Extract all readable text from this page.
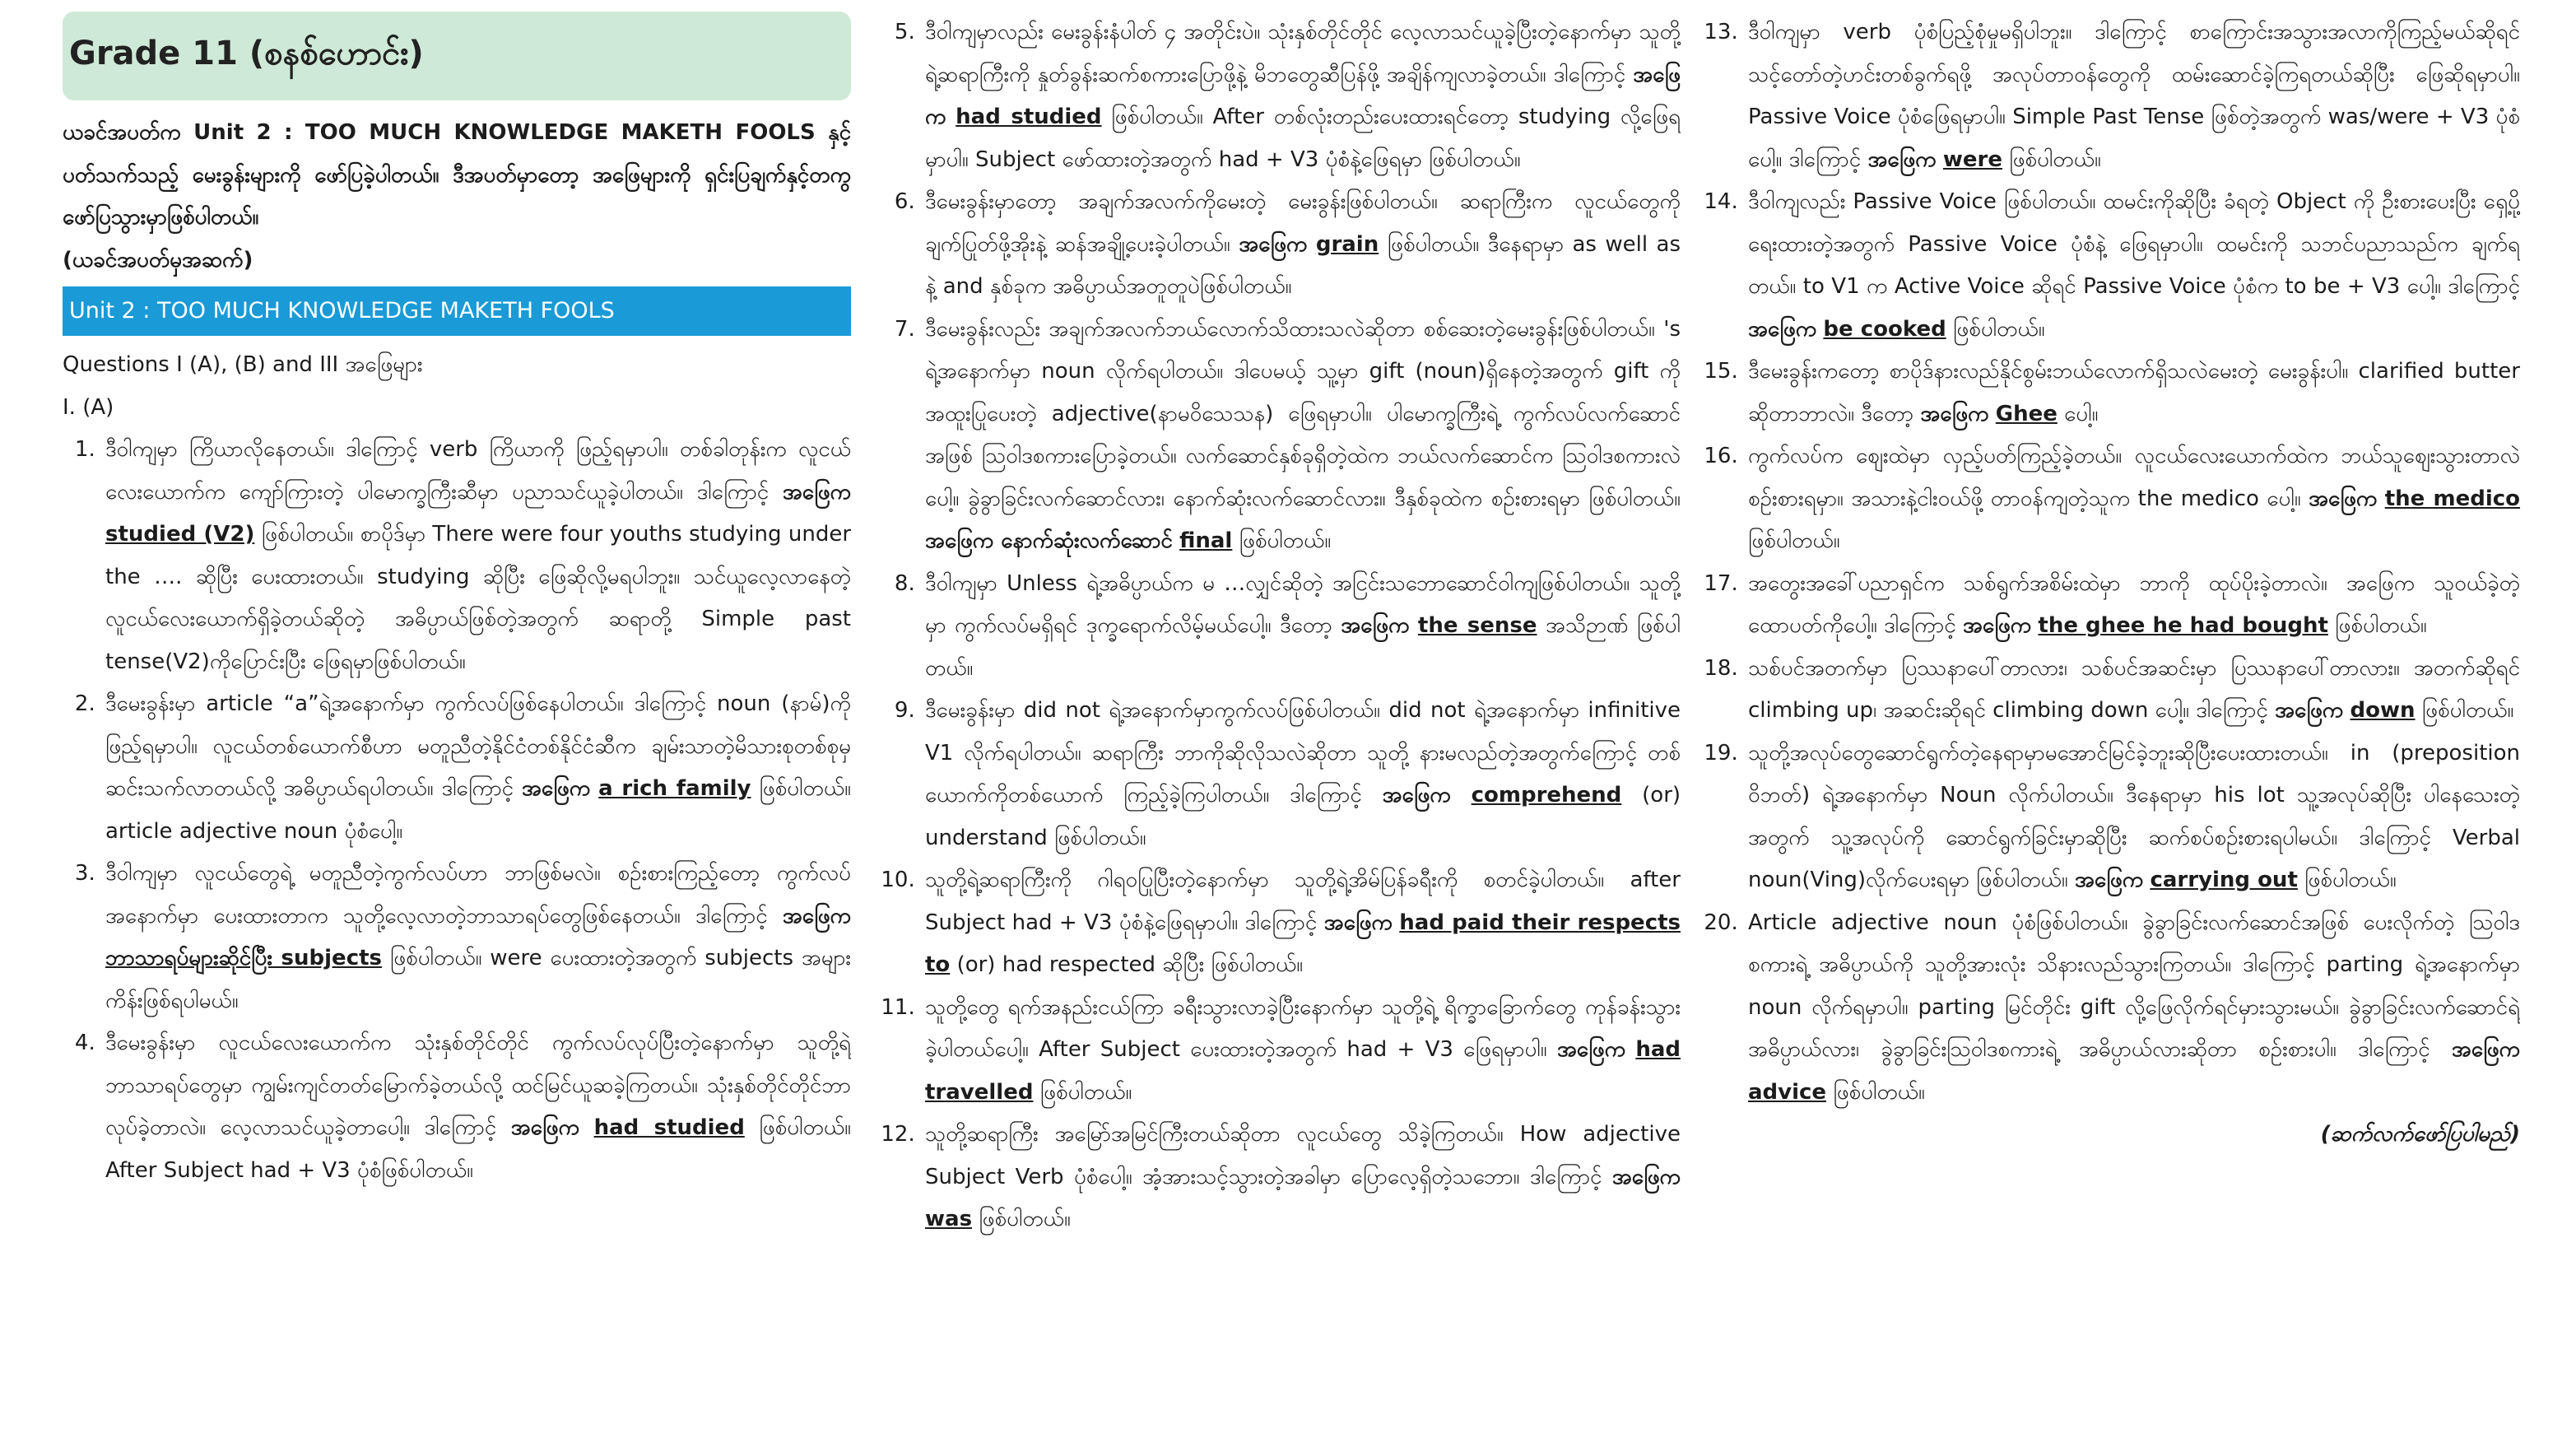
Grade 11 (စနစ်ဟောင်း)

ယခင်အပတ်က Unit 2 : TOO MUCH KNOWLEDGE MAKETH FOOLS နှင့်ပတ်သက်သည့် မေးခွန်းများကို ဖော်ပြခဲ့ပါတယ်။ ဒီအပတ်မှာတော့ အဖြေများကို ရှင်းပြချက်နှင့်တကွ ဖော်ပြသွားမှာဖြစ်ပါတယ်။

(ယခင်အပတ်မှအဆက်)

Unit 2 : TOO MUCH KNOWLEDGE MAKETH FOOLS

Questions I (A), (B) and III အဖြေများ

I. (A)

1. ဒီဝါကျမှာ ကြိယာလိုနေတယ်။ ဒါကြောင့် verb ကြိယာကို ဖြည့်ရမှာပါ။ တစ်ခါတုန်းက လူငယ်လေးယောက်က ကျော်ကြားတဲ့ ပါမောက္ခကြီးဆီမှာ ပညာသင်ယူခဲ့ပါတယ်။ ဒါကြောင့် အဖြေက studied (V2) ဖြစ်ပါတယ်။ စာပိုဒ်မှာ There were four youths studying under the …. ဆိုပြီး ပေးထားတယ်။ studying ဆိုပြီး ဖြေဆိုလို့မရပါဘူး။ သင်ယူလေ့လာနေတဲ့ လူငယ်လေးယောက်ရှိခဲ့တယ်ဆိုတဲ့ အဓိပ္ပာယ်ဖြစ်တဲ့အတွက် ဆရာတို့ Simple past tense(V2)ကိုပြောင်းပြီး ဖြေရမှာဖြစ်ပါတယ်။
2. ဒီမေးခွန်းမှာ article “a”ရဲ့အနောက်မှာ ကွက်လပ်ဖြစ်နေပါတယ်။ ဒါကြောင့် noun (နာမ်)ကို ဖြည့်ရမှာပါ။ လူငယ်တစ်ယောက်စီဟာ မတူညီတဲ့နိုင်ငံတစ်နိုင်ငံဆီက ချမ်းသာတဲ့မိသားစုတစ်စုမှ ဆင်းသက်လာတယ်လို့ အဓိပ္ပာယ်ရပါတယ်။ ဒါကြောင့် အဖြေက a rich family ဖြစ်ပါတယ်။ article adjective noun ပုံစံပေါ့။
3. ဒီဝါကျမှာ လူငယ်တွေရဲ့ မတူညီတဲ့ကွက်လပ်ဟာ ဘာဖြစ်မလဲ။ စဉ်းစားကြည့်တော့ ကွက်လပ်အနောက်မှာ ပေးထားတာက သူတို့လေ့လာတဲ့ဘာသာရပ်တွေဖြစ်နေတယ်။ ဒါကြောင့် အဖြေက ဘာသာရပ်များဆိုင်ပြီး subjects ဖြစ်ပါတယ်။ were ပေးထားတဲ့အတွက် subjects အများကိန်းဖြစ်ရပါမယ်။
4. ဒီမေးခွန်းမှာ လူငယ်လေးယောက်က သုံးနှစ်တိုင်တိုင် ကွက်လပ်လုပ်ပြီးတဲ့နောက်မှာ သူတို့ရဲ့ဘာသာရပ်တွေမှာ ကျွမ်းကျင်တတ်မြောက်ခဲ့တယ်လို့ ထင်မြင်ယူဆခဲ့ကြတယ်။ သုံးနှစ်တိုင်တိုင်ဘာလုပ်ခဲ့တာလဲ။ လေ့လာသင်ယူခဲ့တာပေါ့။ ဒါကြောင့် အဖြေက had studied ဖြစ်ပါတယ်။ After Subject had + V3 ပုံစံဖြစ်ပါတယ်။
5. ဒီဝါကျမှာလည်း မေးခွန်းနံပါတ် ၄ အတိုင်းပဲ။ သုံးနှစ်တိုင်တိုင် လေ့လာသင်ယူခဲ့ပြီးတဲ့နောက်မှာ သူတို့ရဲ့ဆရာကြီးကို နှုတ်ခွန်းဆက်စကားပြောဖို့နဲ့ မိဘတွေဆီပြန်ဖို့ အချိန်ကျလာခဲ့တယ်။ ဒါကြောင့် အဖြေက had studied ဖြစ်ပါတယ်။ After တစ်လုံးတည်းပေးထားရင်တော့ studying လို့ဖြေရမှာပါ။ Subject ဖော်ထားတဲ့အတွက် had + V3 ပုံစံနဲ့ဖြေရမှာ ဖြစ်ပါတယ်။
6. ဒီမေးခွန်းမှာတော့ အချက်အလက်ကိုမေးတဲ့ မေးခွန်းဖြစ်ပါတယ်။ ဆရာကြီးက လူငယ်တွေကို ချက်ပြုတ်ဖို့အိုးနဲ့ ဆန်အချို့ပေးခဲ့ပါတယ်။ အဖြေက grain ဖြစ်ပါတယ်။ ဒီနေရာမှာ as well as နဲ့ and နှစ်ခုက အဓိပ္ပာယ်အတူတူပဲဖြစ်ပါတယ်။
7. ဒီမေးခွန်းလည်း အချက်အလက်ဘယ်လောက်သိထားသလဲဆိုတာ စစ်ဆေးတဲ့မေးခွန်းဖြစ်ပါတယ်။ 's ရဲ့အနောက်မှာ noun လိုက်ရပါတယ်။ ဒါပေမယ့် သူ့မှာ gift (noun)ရှိနေတဲ့အတွက် gift ကိုအထူးပြုပေးတဲ့ adjective(နာမဝိသေသန) ဖြေရမှာပါ။ ပါမောက္ခကြီးရဲ့ ကွက်လပ်လက်ဆောင်အဖြစ် ဩဝါဒစကားပြောခဲ့တယ်။ လက်ဆောင်နှစ်ခုရှိတဲ့ထဲက ဘယ်လက်ဆောင်က ဩဝါဒစကားလဲပေါ့။ ခွဲခွာခြင်းလက်ဆောင်လား၊ နောက်ဆုံးလက်ဆောင်လား။ ဒီနှစ်ခုထဲက စဉ်းစားရမှာ ဖြစ်ပါတယ်။ အဖြေက နောက်ဆုံးလက်ဆောင် final ဖြစ်ပါတယ်။
8. ဒီဝါကျမှာ Unless ရဲ့အဓိပ္ပာယ်က မ …လျှင်ဆိုတဲ့ အငြင်းသဘောဆောင်ဝါကျဖြစ်ပါတယ်။ သူတို့မှာ ကွက်လပ်မရှိရင် ဒုက္ခရောက်လိမ့်မယ်ပေါ့။ ဒီတော့ အဖြေက the sense အသိဉာဏ် ဖြစ်ပါတယ်။
9. ဒီမေးခွန်းမှာ did not ရဲ့အနောက်မှာကွက်လပ်ဖြစ်ပါတယ်။ did not ရဲ့အနောက်မှာ infinitive V1 လိုက်ရပါတယ်။ ဆရာကြီး ဘာကိုဆိုလိုသလဲဆိုတာ သူတို့ နားမလည်တဲ့အတွက်ကြောင့် တစ်ယောက်ကိုတစ်ယောက် ကြည့်ခဲ့ကြပါတယ်။ ဒါကြောင့် အဖြေက comprehend (or) understand ဖြစ်ပါတယ်။
10. သူတို့ရဲ့ဆရာကြီးကို ဂါရဝပြုပြီးတဲ့နောက်မှာ သူတို့ရဲ့အိမ်ပြန်ခရီးကို စတင်ခဲ့ပါတယ်။ after Subject had + V3 ပုံစံနဲ့ဖြေရမှာပါ။ ဒါကြောင့် အဖြေက had paid their respects to (or) had respected ဆိုပြီး ဖြစ်ပါတယ်။
11. သူတို့တွေ ရက်အနည်းငယ်ကြာ ခရီးသွားလာခဲ့ပြီးနောက်မှာ သူတို့ရဲ့ ရိက္ခာခြောက်တွေ ကုန်ခန်းသွားခဲ့ပါတယ်ပေါ့။ After Subject ပေးထားတဲ့အတွက် had + V3 ဖြေရမှာပါ။ အဖြေက had travelled ဖြစ်ပါတယ်။
12. သူတို့ဆရာကြီး အမြော်အမြင်ကြီးတယ်ဆိုတာ လူငယ်တွေ သိခဲ့ကြတယ်။ How adjective Subject Verb ပုံစံပေါ့။ အံ့အားသင့်သွားတဲ့အခါမှာ ပြောလေ့ရှိတဲ့သဘော။ ဒါကြောင့် အဖြေက was ဖြစ်ပါတယ်။
13. ဒီဝါကျမှာ verb ပုံစံပြည့်စုံမှုမရှိပါဘူး။ ဒါကြောင့် စာကြောင်းအသွားအလာကိုကြည့်မယ်ဆိုရင် သင့်တော်တဲ့ဟင်းတစ်ခွက်ရဖို့ အလုပ်တာဝန်တွေကို ထမ်းဆောင်ခဲ့ကြရတယ်ဆိုပြီး ဖြေဆိုရမှာပါ။ Passive Voice ပုံစံဖြေရမှာပါ။ Simple Past Tense ဖြစ်တဲ့အတွက် was/were + V3 ပုံစံပေါ့။ ဒါကြောင့် အဖြေက were ဖြစ်ပါတယ်။
14. ဒီဝါကျလည်း Passive Voice ဖြစ်ပါတယ်။ ထမင်းကိုဆိုပြီး ခံရတဲ့ Object ကို ဦးစားပေးပြီး ရှေ့ပို့ရေးထားတဲ့အတွက် Passive Voice ပုံစံနဲ့ ဖြေရမှာပါ။ ထမင်းကို သဘင်ပညာသည်က ချက်ရတယ်။ to V1 က Active Voice ဆိုရင် Passive Voice ပုံစံက to be + V3 ပေါ့။ ဒါကြောင့် အဖြေက be cooked ဖြစ်ပါတယ်။
15. ဒီမေးခွန်းကတော့ စာပိုဒ်နားလည်နိုင်စွမ်းဘယ်လောက်ရှိသလဲမေးတဲ့ မေးခွန်းပါ။ clarified butter ဆိုတာဘာလဲ။ ဒီတော့ အဖြေက Ghee ပေါ့။
16. ကွက်လပ်က စျေးထဲမှာ လှည့်ပတ်ကြည့်ခဲ့တယ်။ လူငယ်လေးယောက်ထဲက ဘယ်သူစျေးသွားတာလဲ စဉ်းစားရမှာ။ အသားနဲ့ငါးဝယ်ဖို့ တာဝန်ကျတဲ့သူက the medico ပေါ့။ အဖြေက the medico ဖြစ်ပါတယ်။
17. အတွေးအခေါ်ပညာရှင်က သစ်ရွက်အစိမ်းထဲမှာ ဘာကို ထုပ်ပိုးခဲ့တာလဲ။ အဖြေက သူဝယ်ခဲ့တဲ့ ထောပတ်ကိုပေါ့။ ဒါကြောင့် အဖြေက the ghee he had bought ဖြစ်ပါတယ်။
18. သစ်ပင်အတက်မှာ ပြဿနာပေါ်တာလား၊ သစ်ပင်အဆင်းမှာ ပြဿနာပေါ်တာလား။ အတက်ဆိုရင် climbing up၊ အဆင်းဆိုရင် climbing down ပေါ့။ ဒါကြောင့် အဖြေက down ဖြစ်ပါတယ်။
19. သူတို့အလုပ်တွေဆောင်ရွက်တဲ့နေရာမှာမအောင်မြင်ခဲ့ဘူးဆိုပြီးပေးထားတယ်။ in (preposition ဝိဘတ်) ရဲ့အနောက်မှာ Noun လိုက်ပါတယ်။ ဒီနေရာမှာ his lot သူ့အလုပ်ဆိုပြီး ပါနေသေးတဲ့အတွက် သူ့အလုပ်ကို ဆောင်ရွက်ခြင်းမှာဆိုပြီး ဆက်စပ်စဉ်းစားရပါမယ်။ ဒါကြောင့် Verbal noun(Ving)လိုက်ပေးရမှာ ဖြစ်ပါတယ်။ အဖြေက carrying out ဖြစ်ပါတယ်။
20. Article adjective noun ပုံစံဖြစ်ပါတယ်။ ခွဲခွာခြင်းလက်ဆောင်အဖြစ် ပေးလိုက်တဲ့ ဩဝါဒစကားရဲ့ အဓိပ္ပာယ်ကို သူတို့အားလုံး သိနားလည်သွားကြတယ်။ ဒါကြောင့် parting ရဲ့အနောက်မှာ noun လိုက်ရမှာပါ။ parting မြင်တိုင်း gift လို့ဖြေလိုက်ရင်မှားသွားမယ်။ ခွဲခွာခြင်းလက်ဆောင်ရဲ့ အဓိပ္ပာယ်လား၊ ခွဲခွာခြင်းဩဝါဒစကားရဲ့ အဓိပ္ပာယ်လားဆိုတာ စဉ်းစားပါ။ ဒါကြောင့် အဖြေက advice ဖြစ်ပါတယ်။

(ဆက်လက်ဖော်ပြပါမည်)
